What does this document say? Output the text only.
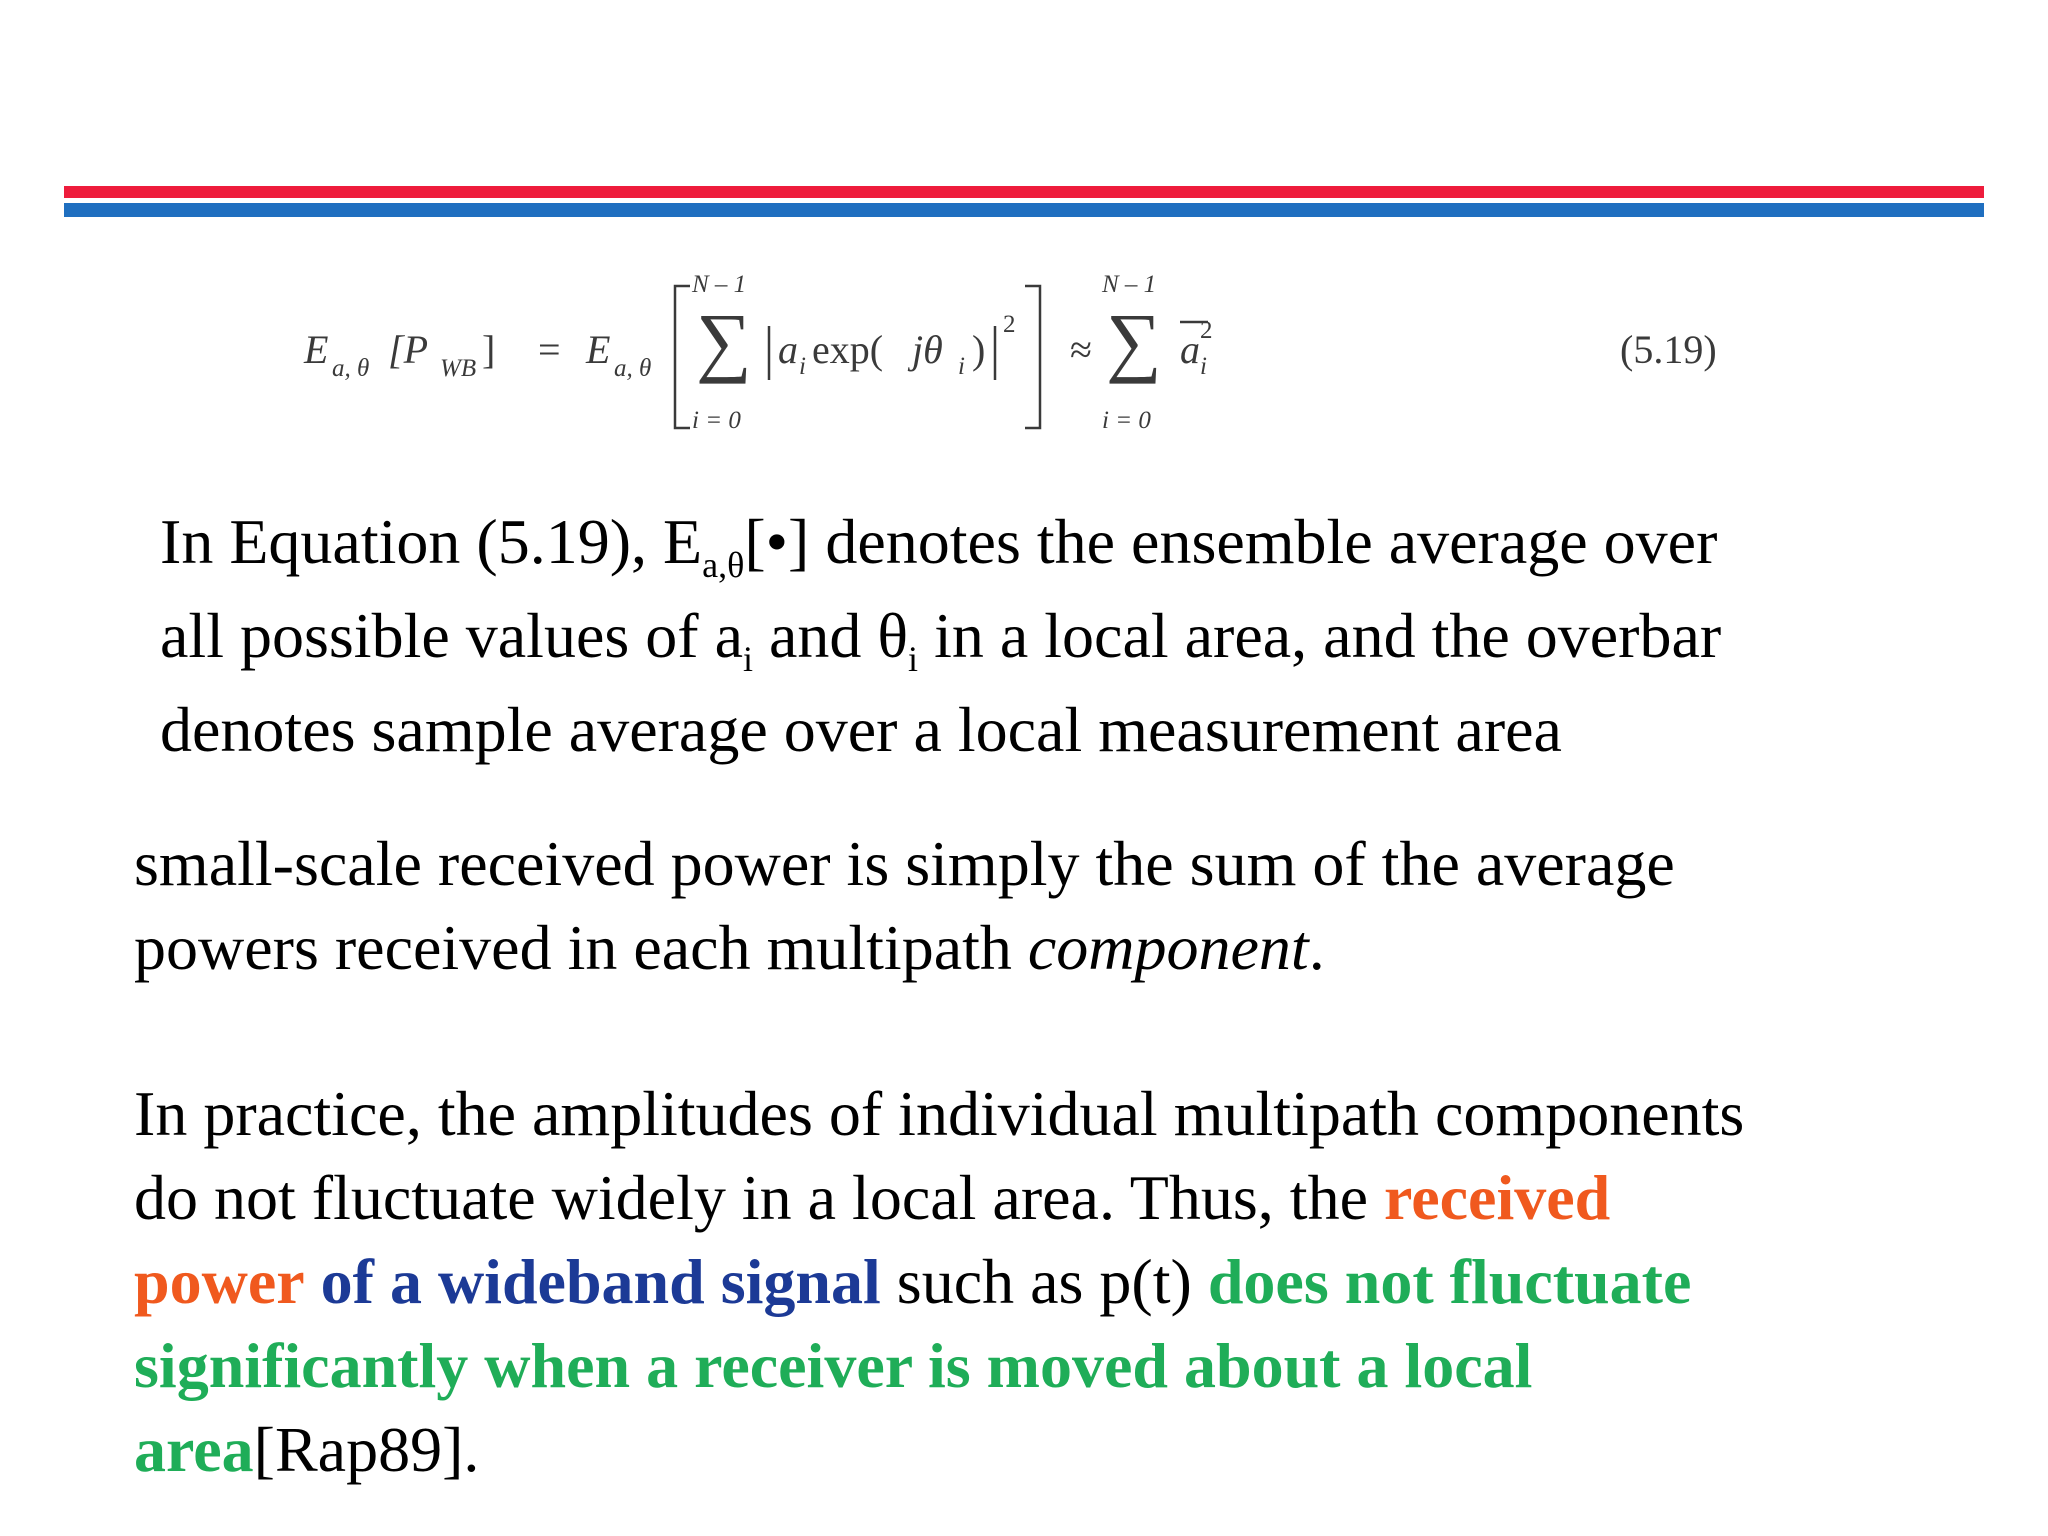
E a, θ [P WB ] = E a, θ
N – 1
∑
i = 0
a i exp( jθ i )
2
≈
N – 1
∑
i = 0
a i
2	(5.19)
In Equation (5.19), $E_{a,\theta}[•]$ denotes the ensemble average over
all possible values of $a_i$ and $\theta_i$ in a local area, and the overbar
denotes sample average over a local measurement area
small-scale received power is simply the sum of the average
powers received in each multipath component.
In practice, the amplitudes of individual multipath components
do not fluctuate widely in a local area. Thus, the received
power of a wideband signal such as p(t) does not fluctuate
significantly when a receiver is moved about a local
area[Rap89].
